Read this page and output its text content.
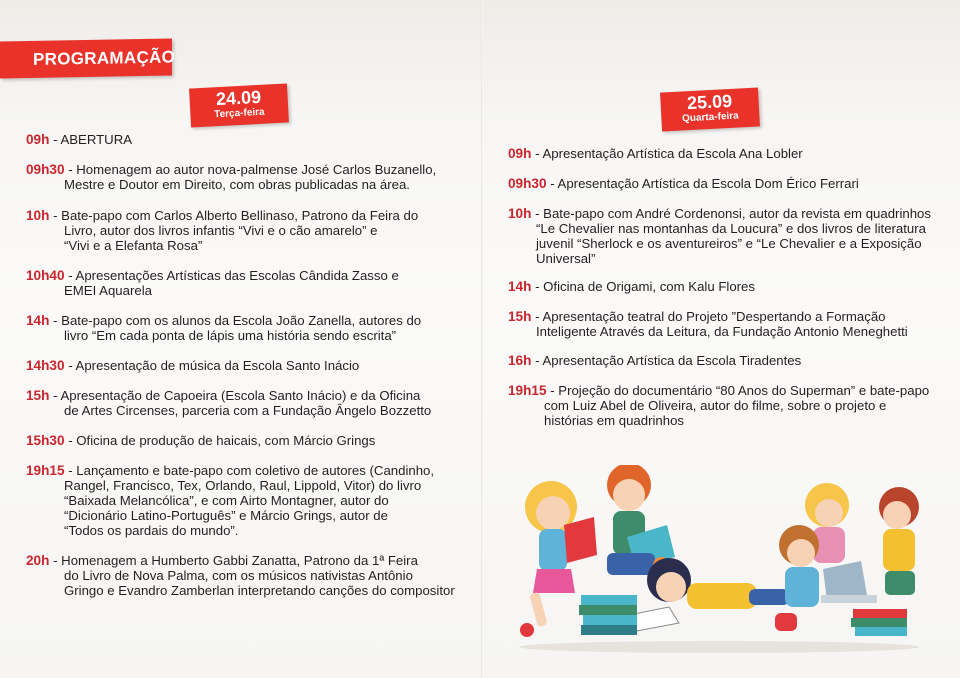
PROGRAMAÇÃO
24.09
Terça-feira
09h - ABERTURA
09h30 - Homenagem ao autor nova-palmense José Carlos Buzanello,
Mestre e Doutor em Direito, com obras publicadas na área.
10h - Bate-papo com Carlos Alberto Bellinaso, Patrono da Feira do
Livro, autor dos livros infantis “Vivi e o cão amarelo” e
“Vivi e a Elefanta Rosa”
10h40 - Apresentações Artísticas das Escolas Cândida Zasso e
EMEI Aquarela
14h - Bate-papo com os alunos da Escola João Zanella, autores do
livro “Em cada ponta de lápis uma história sendo escrita”
14h30 - Apresentação de música da Escola Santo Inácio
15h - Apresentação de Capoeira (Escola Santo Inácio) e da Oficina
de Artes Circenses, parceria com a Fundação Ângelo Bozzetto
15h30 - Oficina de produção de haicais, com Márcio Grings
19h15 - Lançamento e bate-papo com coletivo de autores (Candinho,
Rangel, Francisco, Tex, Orlando, Raul, Lippold, Vitor) do livro
“Baixada Melancólica”, e com Airto Montagner, autor do
“Dicionário Latino-Português” e Márcio Grings, autor de
“Todos os pardais do mundo”.
20h - Homenagem a Humberto Gabbi Zanatta, Patrono da 1ª Feira
do Livro de Nova Palma, com os músicos nativistas Antônio
Gringo e Evandro Zamberlan interpretando canções do compositor
25.09
Quarta-feira
09h - Apresentação Artística da Escola Ana Lobler
09h30 - Apresentação Artística da Escola Dom Érico Ferrari
10h - Bate-papo com André Cordenonsi, autor da revista em quadrinhos
“Le Chevalier nas montanhas da Loucura” e dos livros de literatura
juvenil “Sherlock e os aventureiros” e “Le Chevalier e a Exposição
Universal”
14h - Oficina de Origami, com Kalu Flores
15h - Apresentação teatral do Projeto ”Despertando a Formação
Inteligente Através da Leitura, da Fundação Antonio Meneghetti
16h - Apresentação Artística da Escola Tiradentes
19h15 - Projeção do documentário “80 Anos do Superman” e bate-papo
com Luiz Abel de Oliveira, autor do filme, sobre o projeto e
histórias em quadrinhos
